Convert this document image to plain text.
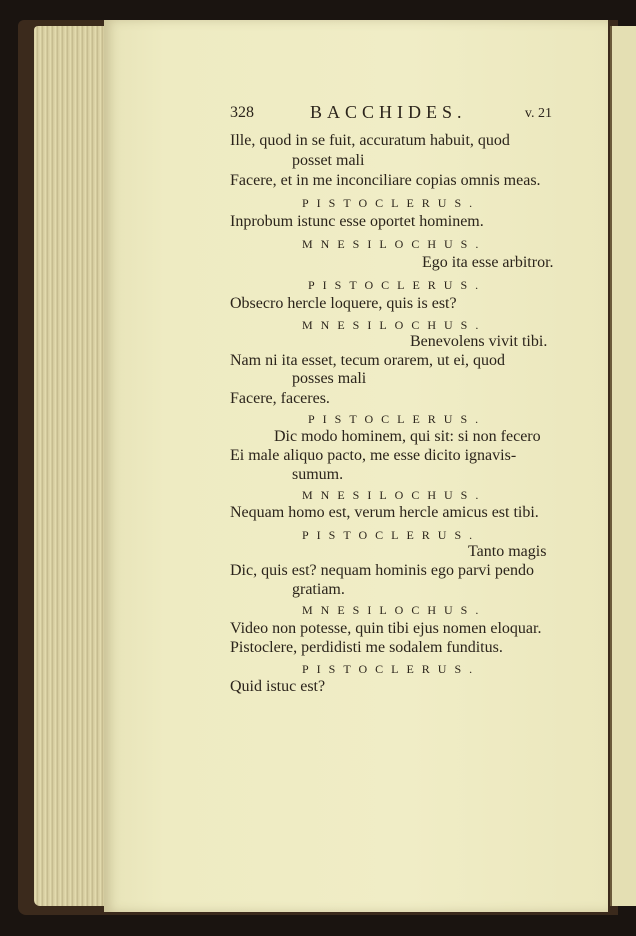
328	BACCHIDES.	v. 21
Ille, quod in se fuit, accuratum habuit, quod
posset mali
Facere, et in me inconciliare copias omnis meas.
PISTOCLERUS.
Inprobum istunc esse oportet hominem.
MNESILOCHUS.
Ego ita esse arbitror.
PISTOCLERUS.
Obsecro hercle loquere, quis is est?
MNESILOCHUS.
Benevolens vivit tibi.
Nam ni ita esset, tecum orarem, ut ei, quod
posses mali
Facere, faceres.
PISTOCLERUS.
Dic modo hominem, qui sit: si non fecero
Ei male aliquo pacto, me esse dicito ignavis-
sumum.
MNESILOCHUS.
Nequam homo est, verum hercle amicus est tibi.
PISTOCLERUS.
Tanto magis
Dic, quis est? nequam hominis ego parvi pendo
gratiam.
MNESILOCHUS.
Video non potesse, quin tibi ejus nomen eloquar.
Pistoclere, perdidisti me sodalem funditus.
PISTOCLERUS.
Quid istuc est?
